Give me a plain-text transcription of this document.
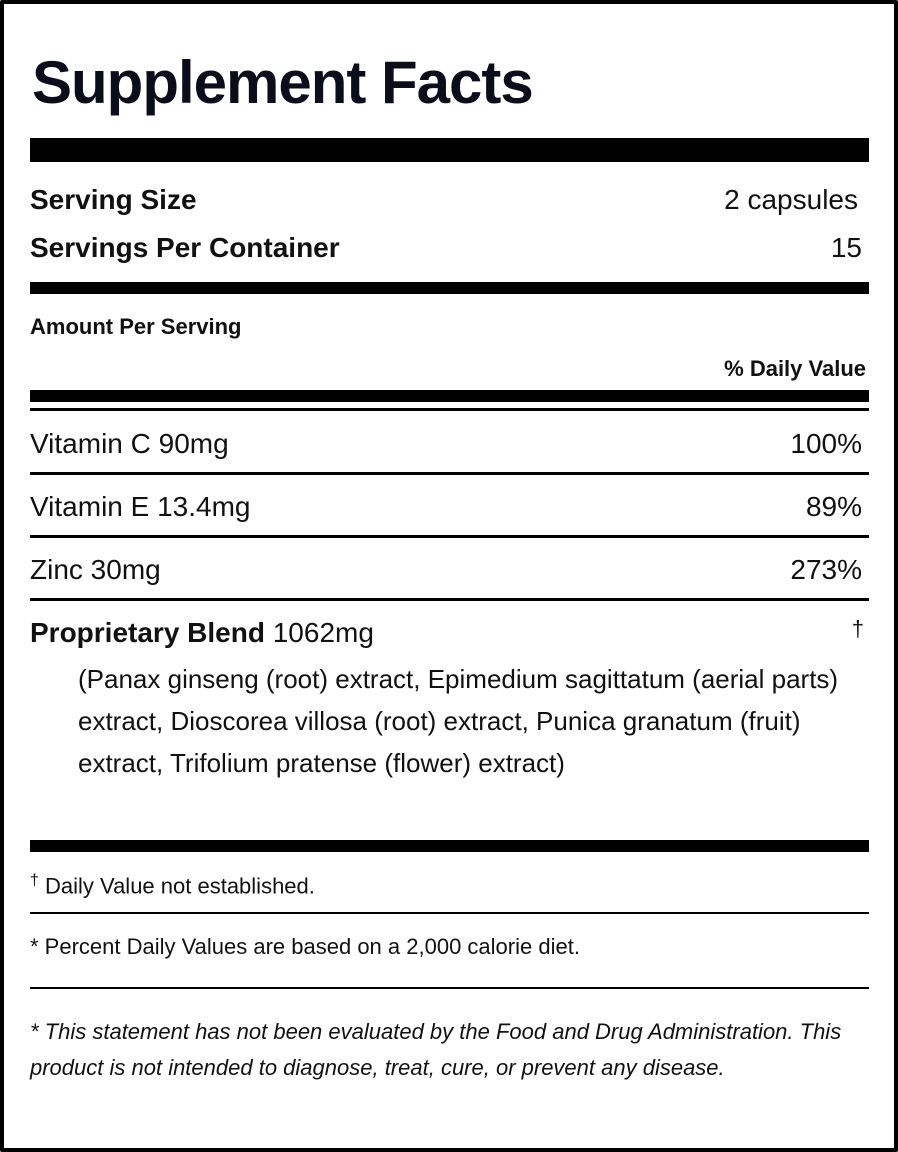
Supplement Facts
Serving Size	2 capsules
Servings Per Container	15
Amount Per Serving
% Daily Value
Vitamin C 90mg	100%
Vitamin E 13.4mg	89%
Zinc 30mg	273%
Proprietary Blend 1062mg	†
(Panax ginseng (root) extract, Epimedium sagittatum (aerial parts) extract, Dioscorea villosa (root) extract, Punica granatum (fruit) extract, Trifolium pratense (flower) extract)
† Daily Value not established.
* Percent Daily Values are based on a 2,000 calorie diet.
* This statement has not been evaluated by the Food and Drug Administration. This product is not intended to diagnose, treat, cure, or prevent any disease.
